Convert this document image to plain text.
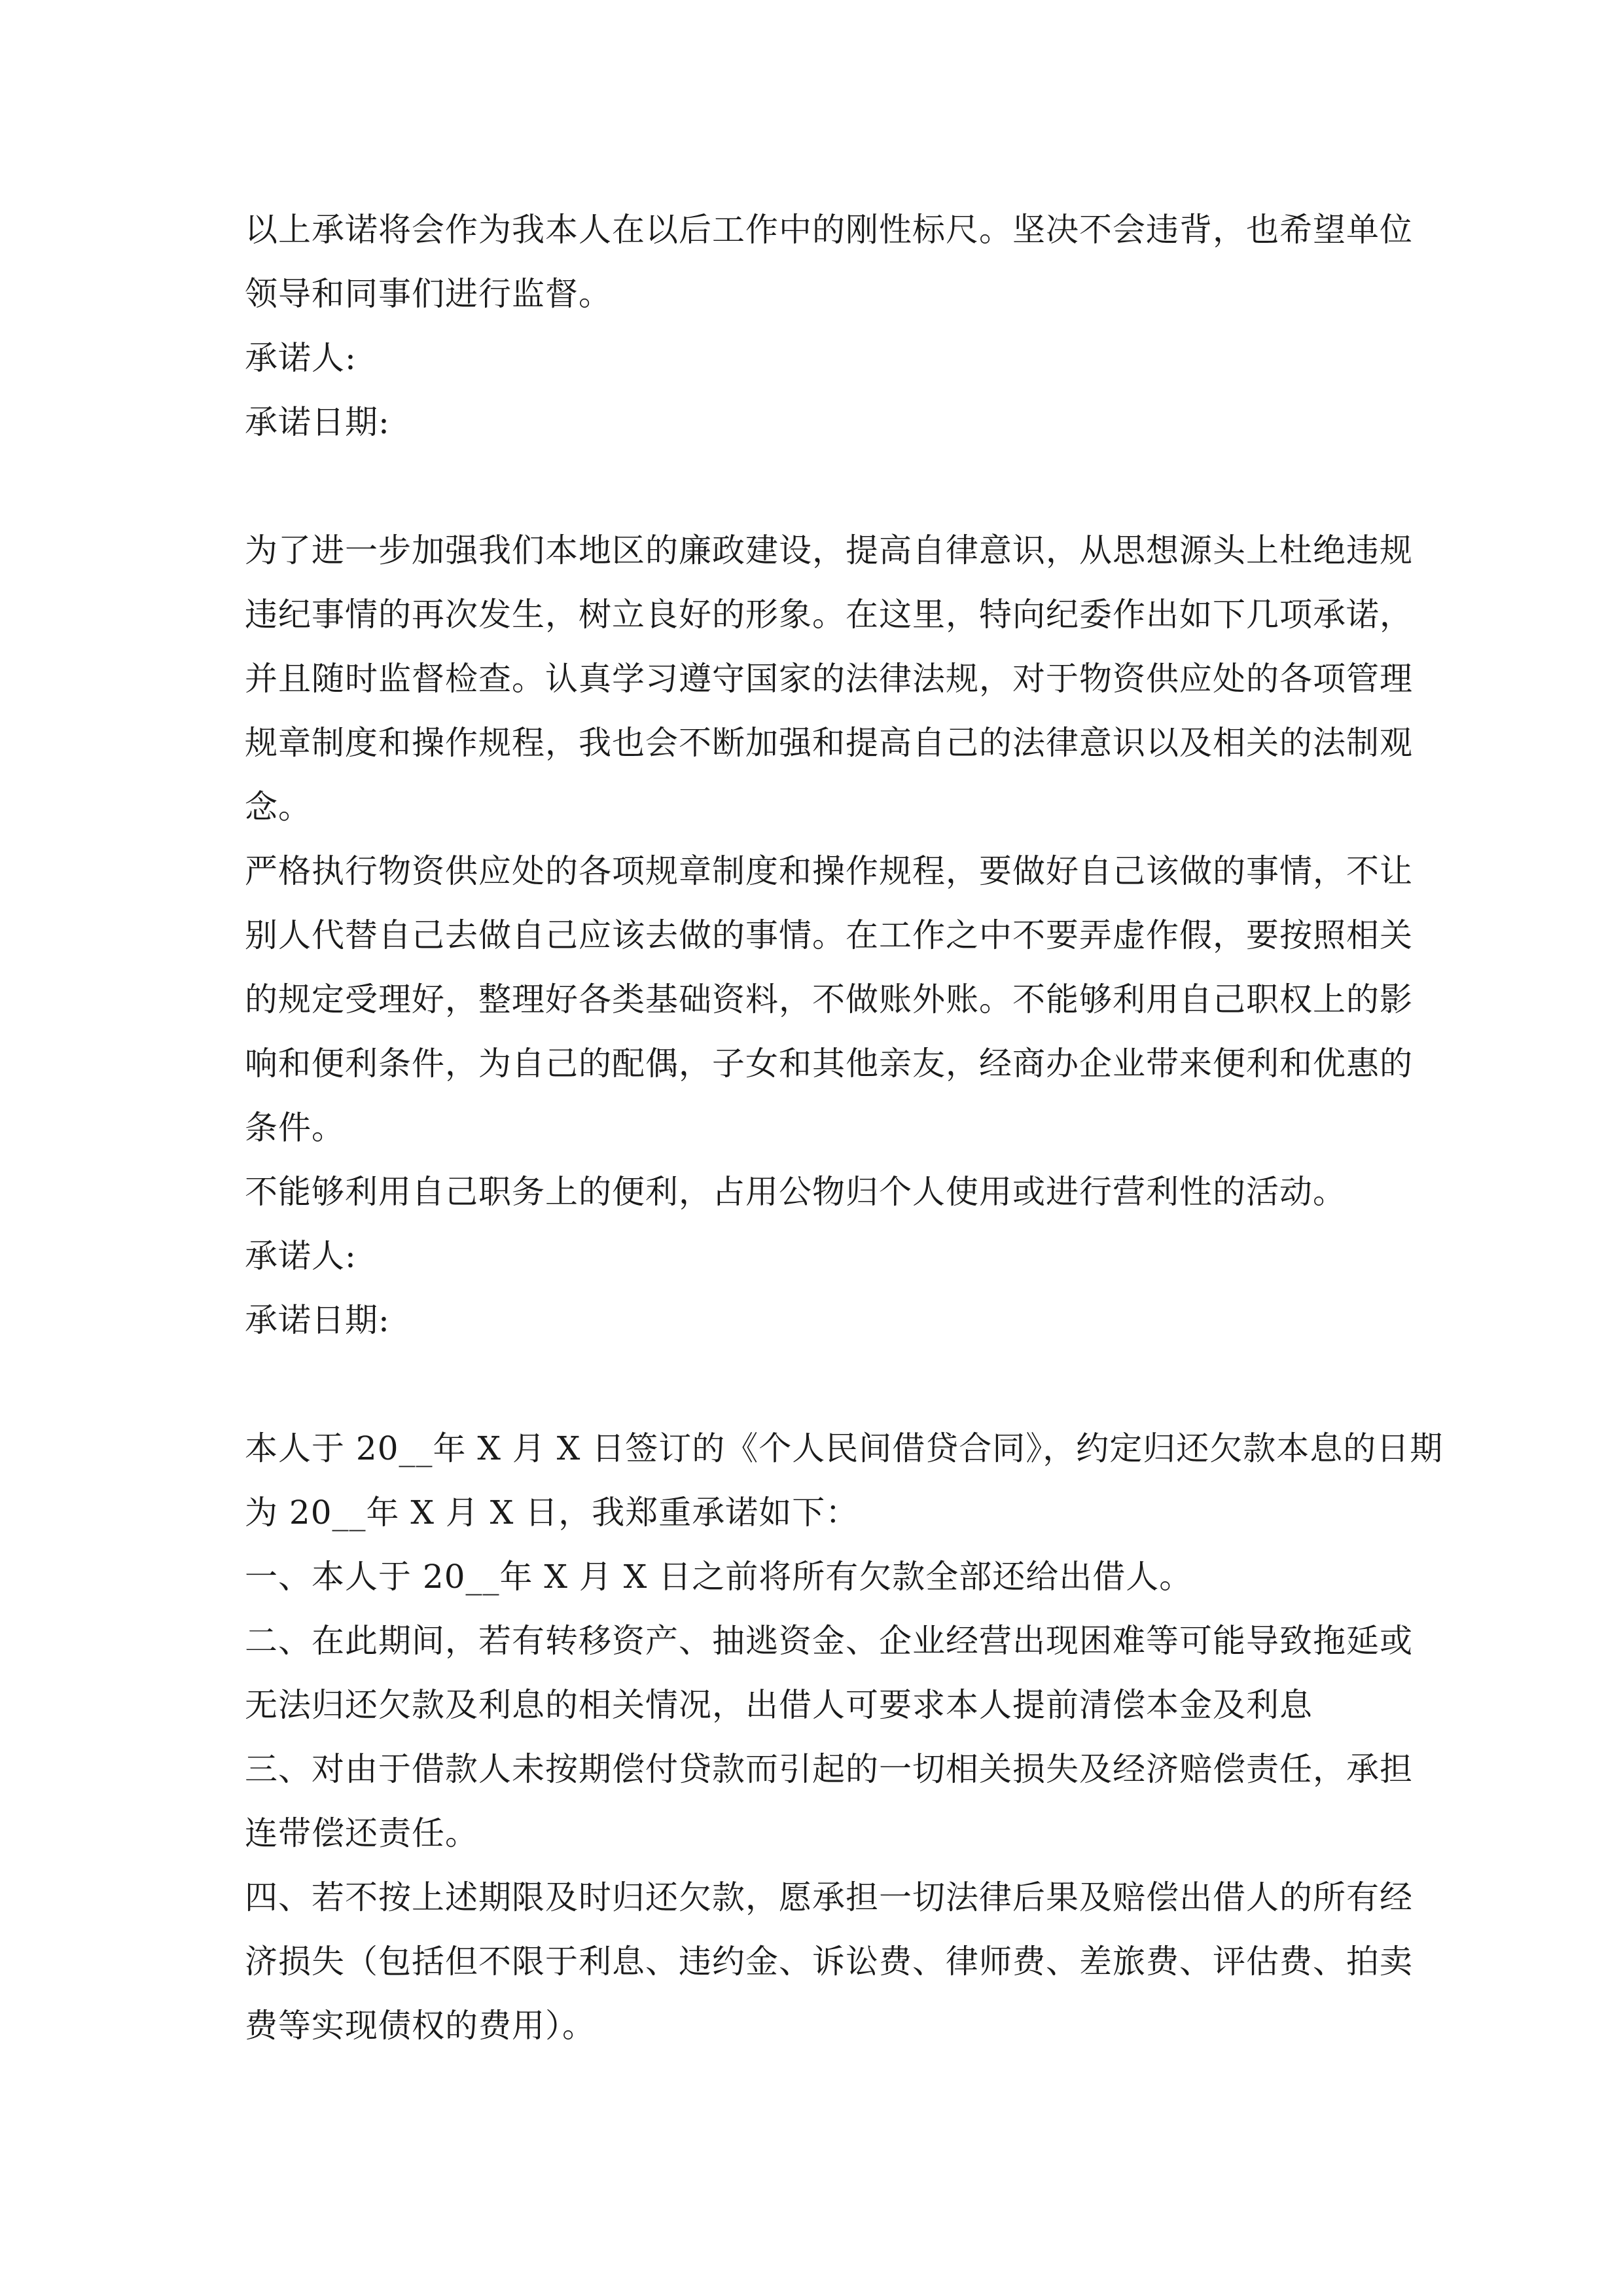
以上承诺将会作为我本人在以后工作中的刚性标尺。坚决不会违背，也希望单位

领导和同事们进行监督。

承诺人:

承诺日期:

为了进一步加强我们本地区的廉政建设，提高自律意识，从思想源头上杜绝违规

违纪事情的再次发生，树立良好的形象。在这里，特向纪委作出如下几项承诺，

并且随时监督检查。认真学习遵守国家的法律法规，对于物资供应处的各项管理

规章制度和操作规程，我也会不断加强和提高自己的法律意识以及相关的法制观

念。

严格执行物资供应处的各项规章制度和操作规程，要做好自己该做的事情，不让

别人代替自己去做自己应该去做的事情。在工作之中不要弄虚作假，要按照相关

的规定受理好，整理好各类基础资料，不做账外账。不能够利用自己职权上的影

响和便利条件，为自己的配偶，子女和其他亲友，经商办企业带来便利和优惠的

条件。

不能够利用自己职务上的便利，占用公物归个人使用或进行营利性的活动。

承诺人:

承诺日期:

本人于 20__年 X 月 X 日签订的《个人民间借贷合同》，约定归还欠款本息的日期

为 20__年 X 月 X 日，我郑重承诺如下：

一、本人于 20__年 X 月 X 日之前将所有欠款全部还给出借人。

二、在此期间，若有转移资产、抽逃资金、企业经营出现困难等可能导致拖延或

无法归还欠款及利息的相关情况，出借人可要求本人提前清偿本金及利息

三、对由于借款人未按期偿付贷款而引起的一切相关损失及经济赔偿责任，承担

连带偿还责任。

四、若不按上述期限及时归还欠款，愿承担一切法律后果及赔偿出借人的所有经

济损失（包括但不限于利息、违约金、诉讼费、律师费、差旅费、评估费、拍卖

费等实现债权的费用）。
